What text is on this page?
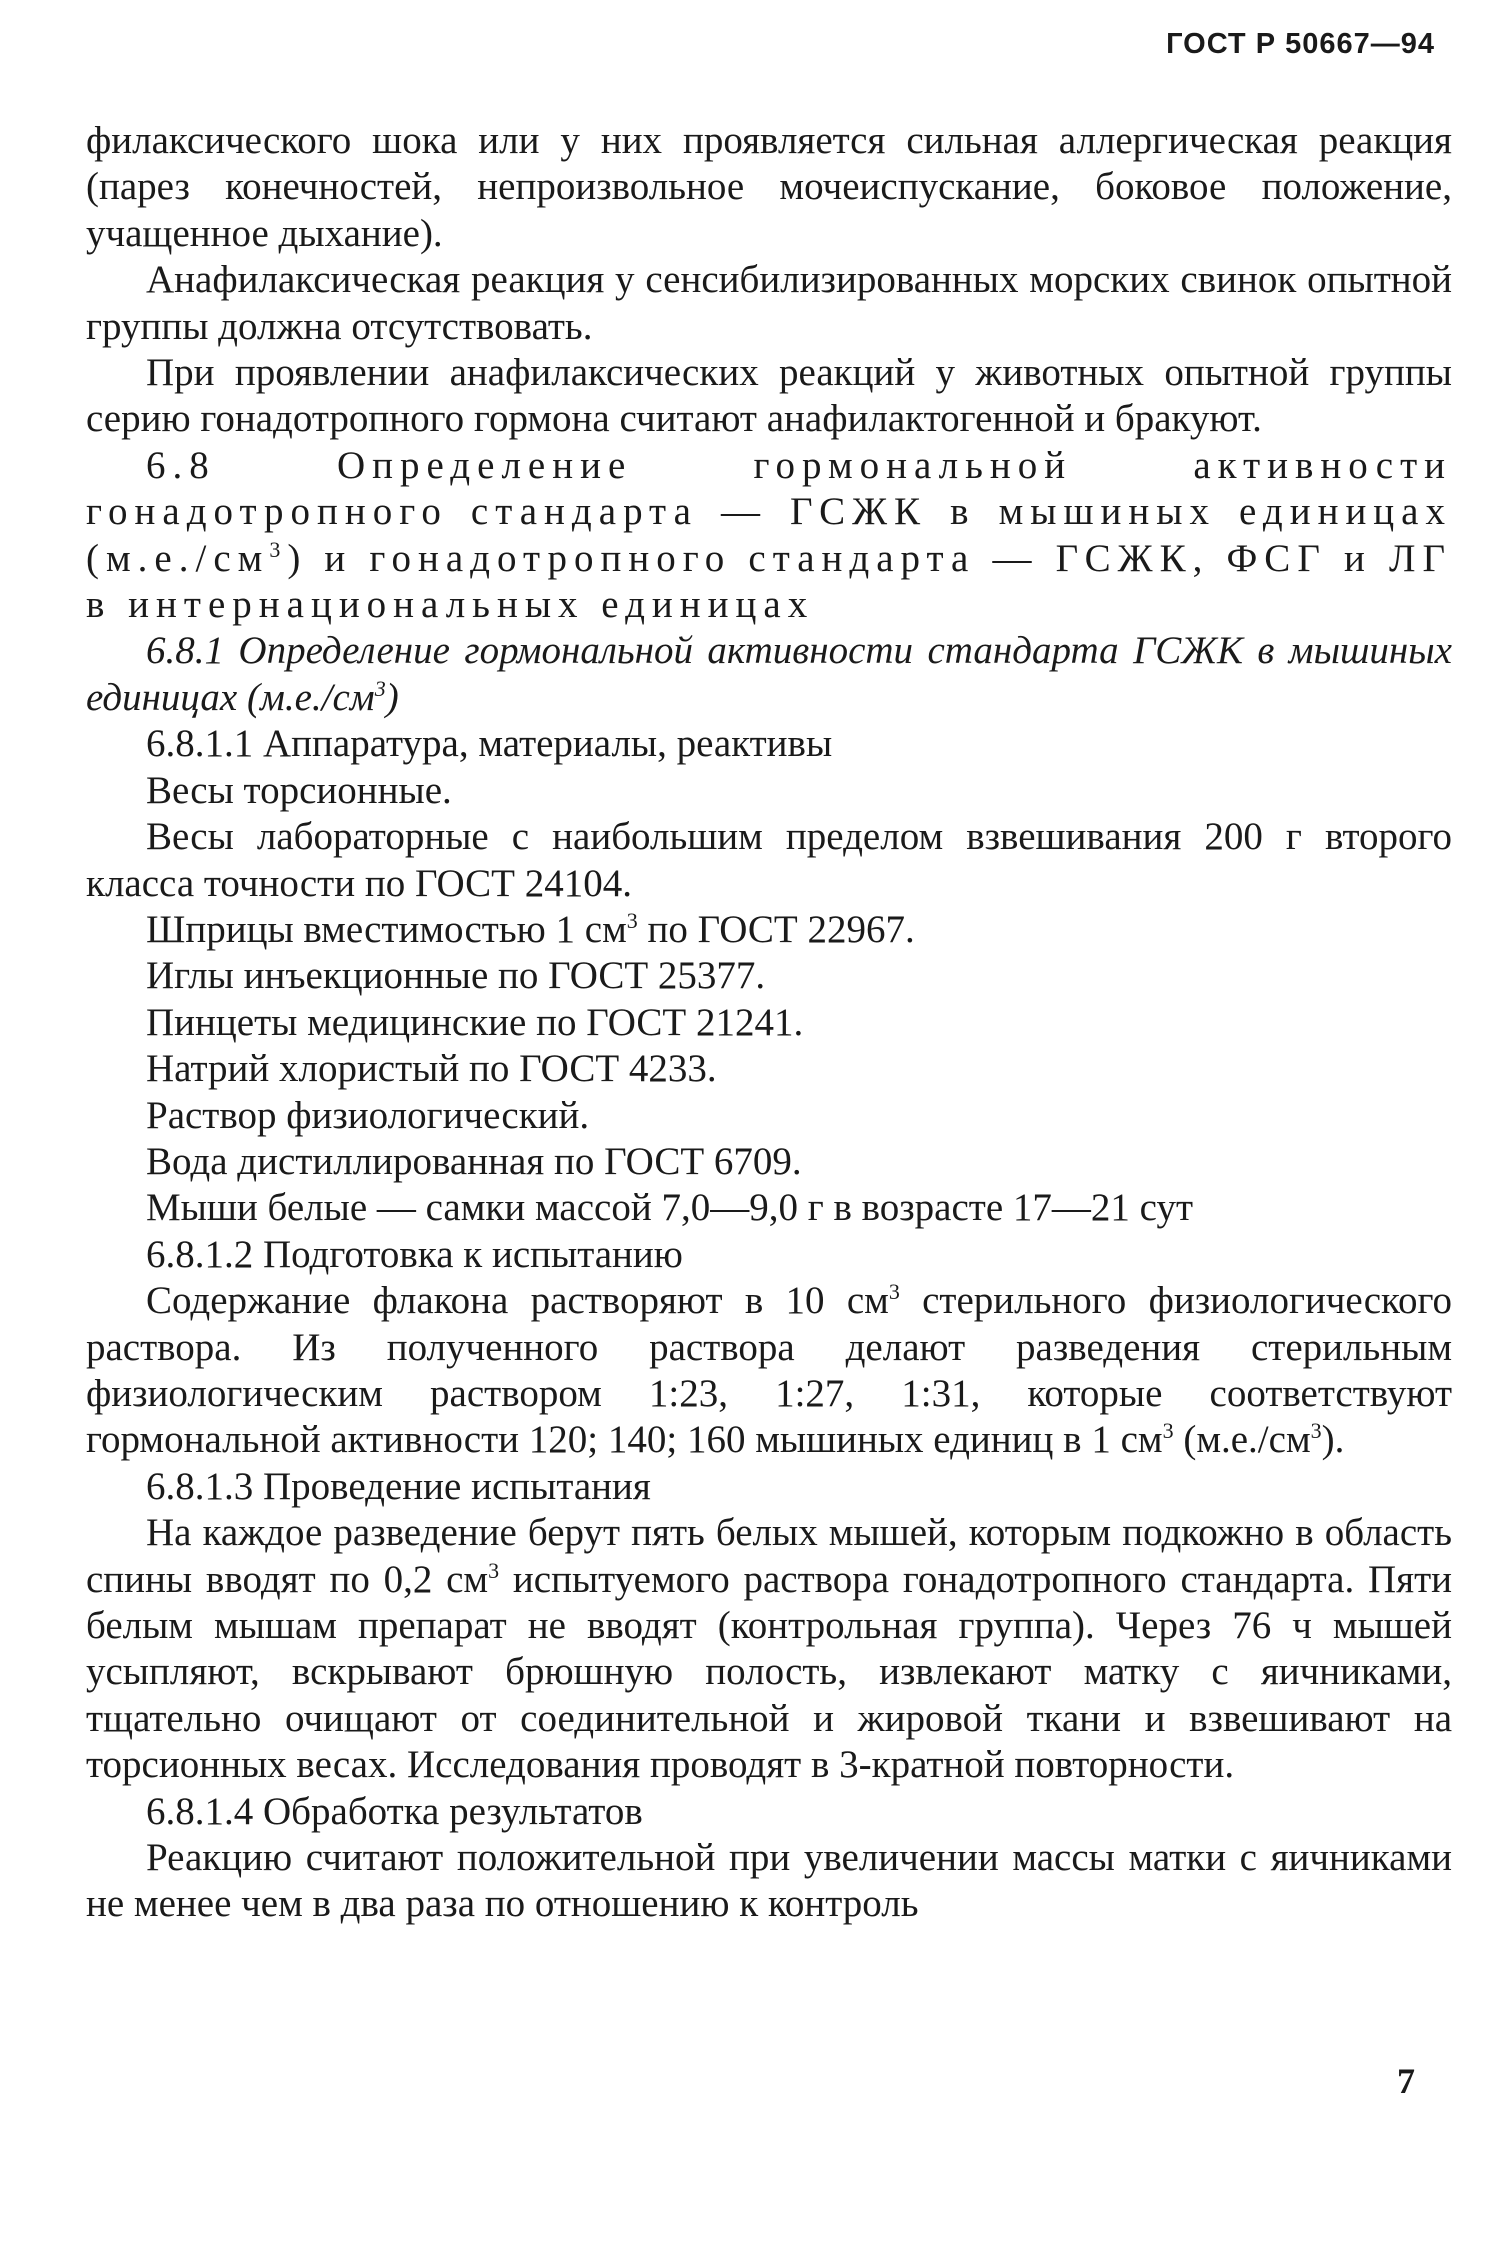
ГОСТ Р 50667—94

филаксического шока или у них проявляется сильная аллергическая реакция (парез конечностей, непроизвольное мочеиспускание, боковое положение, учащенное дыхание).

Анафилаксическая реакция у сенсибилизированных морских свинок опытной группы должна отсутствовать.

При проявлении анафилаксических реакций у животных опытной группы серию гонадотропного гормона считают анафилактогенной и бракуют.

6.8 Определение гормональной активности гонадотропного стандарта — ГСЖК в мышиных единицах $(м.е./см^3)$ и гонадотропного стандарта — ГСЖК, ФСГ и ЛГ в интернациональных единицах

6.8.1 Определение гормональной активности стандарта ГСЖК в мышиных единицах $(м.е./см^3)$

6.8.1.1 Аппаратура, материалы, реактивы

Весы торсионные.

Весы лабораторные с наибольшим пределом взвешивания 200 г второго класса точности по ГОСТ 24104.

Шприцы вместимостью 1 $см^3$ по ГОСТ 22967.

Иглы инъекционные по ГОСТ 25377.

Пинцеты медицинские по ГОСТ 21241.

Натрий хлористый по ГОСТ 4233.

Раствор физиологический.

Вода дистиллированная по ГОСТ 6709.

Мыши белые — самки массой 7,0—9,0 г в возрасте 17—21 сут

6.8.1.2 Подготовка к испытанию

Содержание флакона растворяют в 10 $см^3$ стерильного физиологического раствора. Из полученного раствора делают разведения стерильным физиологическим раствором 1:23, 1:27, 1:31, которые соответствуют гормональной активности 120; 140; 160 мышиных единиц в 1 $см^3$ $(м.е./см^3)$.

6.8.1.3 Проведение испытания

На каждое разведение берут пять белых мышей, которым подкожно в область спины вводят по 0,2 $см^3$ испытуемого раствора гонадотропного стандарта. Пяти белым мышам препарат не вводят (контрольная группа). Через 76 ч мышей усыпляют, вскрывают брюшную полость, извлекают матку с яичниками, тщательно очищают от соединительной и жировой ткани и взвешивают на торсионных весах. Исследования проводят в 3-кратной повторности.

6.8.1.4 Обработка результатов

Реакцию считают положительной при увеличении массы матки с яичниками не менее чем в два раза по отношению к контроль

7
